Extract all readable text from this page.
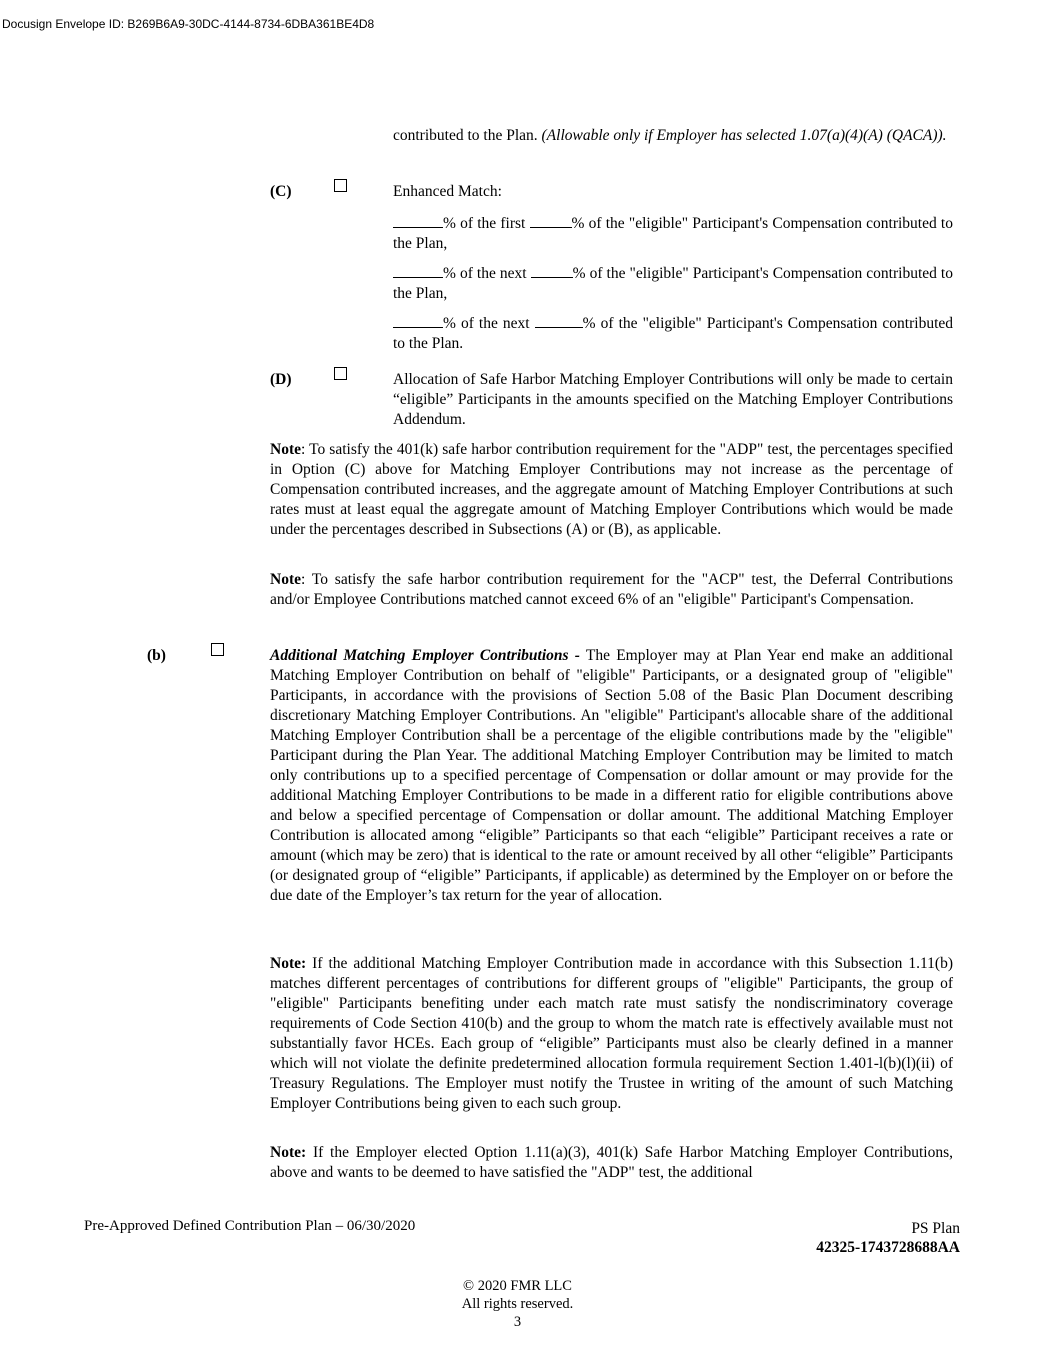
Docusign Envelope ID: B269B6A9-30DC-4144-8734-6DBA361BE4D8

contributed to the Plan. (Allowable only if Employer has selected 1.07(a)(4)(A) (QACA)).

(C)	Enhanced Match:

% of the first	% of the "eligible" Participant's Compensation contributed to the Plan,

% of the next	% of the "eligible" Participant's Compensation contributed to the Plan,

% of the next	% of the "eligible" Participant's Compensation contributed to the Plan.

(D)	Allocation of Safe Harbor Matching Employer Contributions will only be made to certain “eligible” Participants in the amounts specified on the Matching Employer Contributions Addendum.

Note: To satisfy the 401(k) safe harbor contribution requirement for the "ADP" test, the percentages specified in Option (C) above for Matching Employer Contributions may not increase as the percentage of Compensation contributed increases, and the aggregate amount of Matching Employer Contributions at such rates must at least equal the aggregate amount of Matching Employer Contributions which would be made under the percentages described in Subsections (A) or (B), as applicable.

Note: To satisfy the safe harbor contribution requirement for the "ACP" test, the Deferral Contributions and/or Employee Contributions matched cannot exceed 6% of an "eligible" Participant's Compensation.

(b)	Additional Matching Employer Contributions - The Employer may at Plan Year end make an additional Matching Employer Contribution on behalf of "eligible" Participants, or a designated group of "eligible" Participants, in accordance with the provisions of Section 5.08 of the Basic Plan Document describing discretionary Matching Employer Contributions. An "eligible" Participant's allocable share of the additional Matching Employer Contribution shall be a percentage of the eligible contributions made by the "eligible" Participant during the Plan Year. The additional Matching Employer Contribution may be limited to match only contributions up to a specified percentage of Compensation or dollar amount or may provide for the additional Matching Employer Contributions to be made in a different ratio for eligible contributions above and below a specified percentage of Compensation or dollar amount. The additional Matching Employer Contribution is allocated among “eligible” Participants so that each “eligible” Participant receives a rate or amount (which may be zero) that is identical to the rate or amount received by all other “eligible” Participants (or designated group of “eligible” Participants, if applicable) as determined by the Employer on or before the due date of the Employer’s tax return for the year of allocation.

Note: If the additional Matching Employer Contribution made in accordance with this Subsection 1.11(b) matches different percentages of contributions for different groups of "eligible" Participants, the group of "eligible" Participants benefiting under each match rate must satisfy the nondiscriminatory coverage requirements of Code Section 410(b) and the group to whom the match rate is effectively available must not substantially favor HCEs. Each group of “eligible” Participants must also be clearly defined in a manner which will not violate the definite predetermined allocation formula requirement Section 1.401-l(b)(l)(ii) of Treasury Regulations. The Employer must notify the Trustee in writing of the amount of such Matching Employer Contributions being given to each such group.

Note: If the Employer elected Option 1.11(a)(3), 401(k) Safe Harbor Matching Employer Contributions, above and wants to be deemed to have satisfied the "ADP" test, the additional

Pre-Approved Defined Contribution Plan – 06/30/2020	PS Plan
42325-1743728688AA
© 2020 FMR LLC
All rights reserved.
3
